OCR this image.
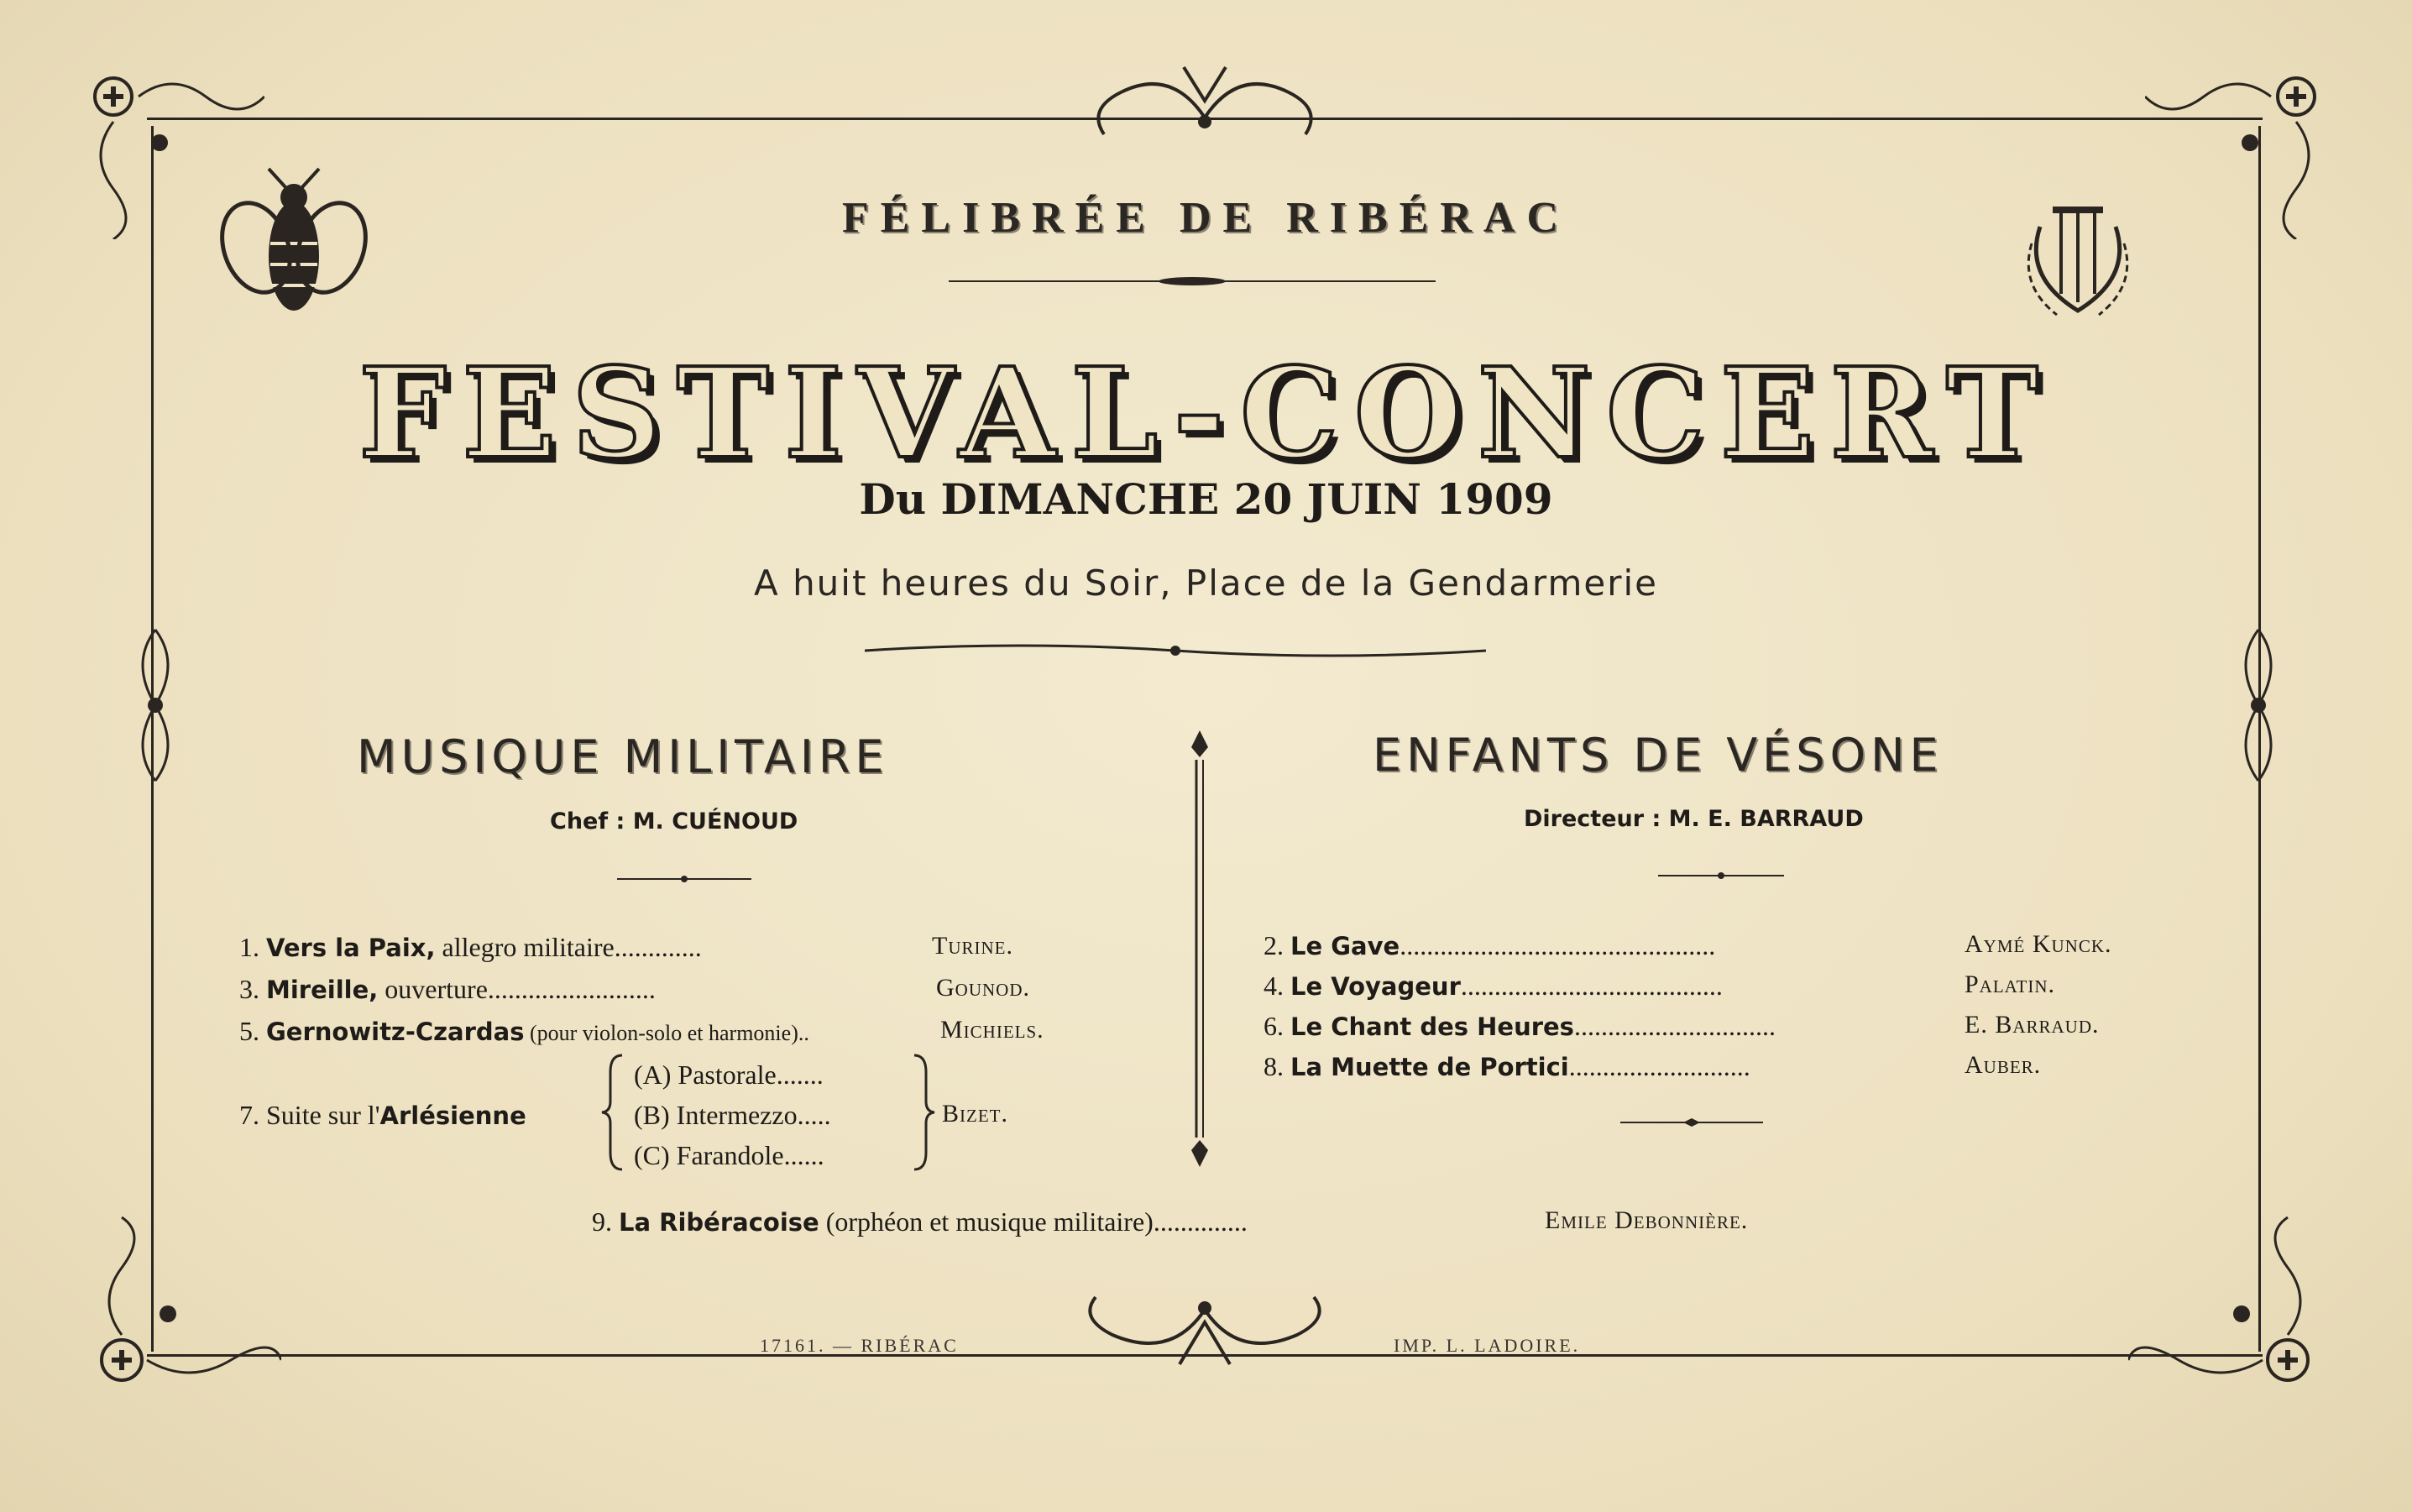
FÉLIBRÉE DE RIBÉRAC
FESTIVAL-CONCERT
Du DIMANCHE 20 JUIN 1909
A huit heures du Soir, Place de la Gendarmerie
MUSIQUE MILITAIRE
Chef : M. CUÉNOUD
1. Vers la Paix, allegro militaire.............	Turine.
3. Mireille, ouverture.........................	Gounod.
5. Gernowitz-Czardas (pour violon-solo et harmonie)..	Michiels.
7. Suite sur l'Arlésienne
(A) Pastorale.......
(B) Intermezzo.....
(C) Farandole......
Bizet.
ENFANTS DE VÉSONE
Directeur : M. E. BARRAUD
2. Le Gave...............................................	Aymé Kunck.
4. Le Voyageur.......................................	Palatin.
6. Le Chant des Heures..............................	E. Barraud.
8. La Muette de Portici...........................	Auber.
9. La Ribéracoise (orphéon et musique militaire)..............	Emile Debonnière.
17161. — RIBÉRAC	IMP. L. LADOIRE.
